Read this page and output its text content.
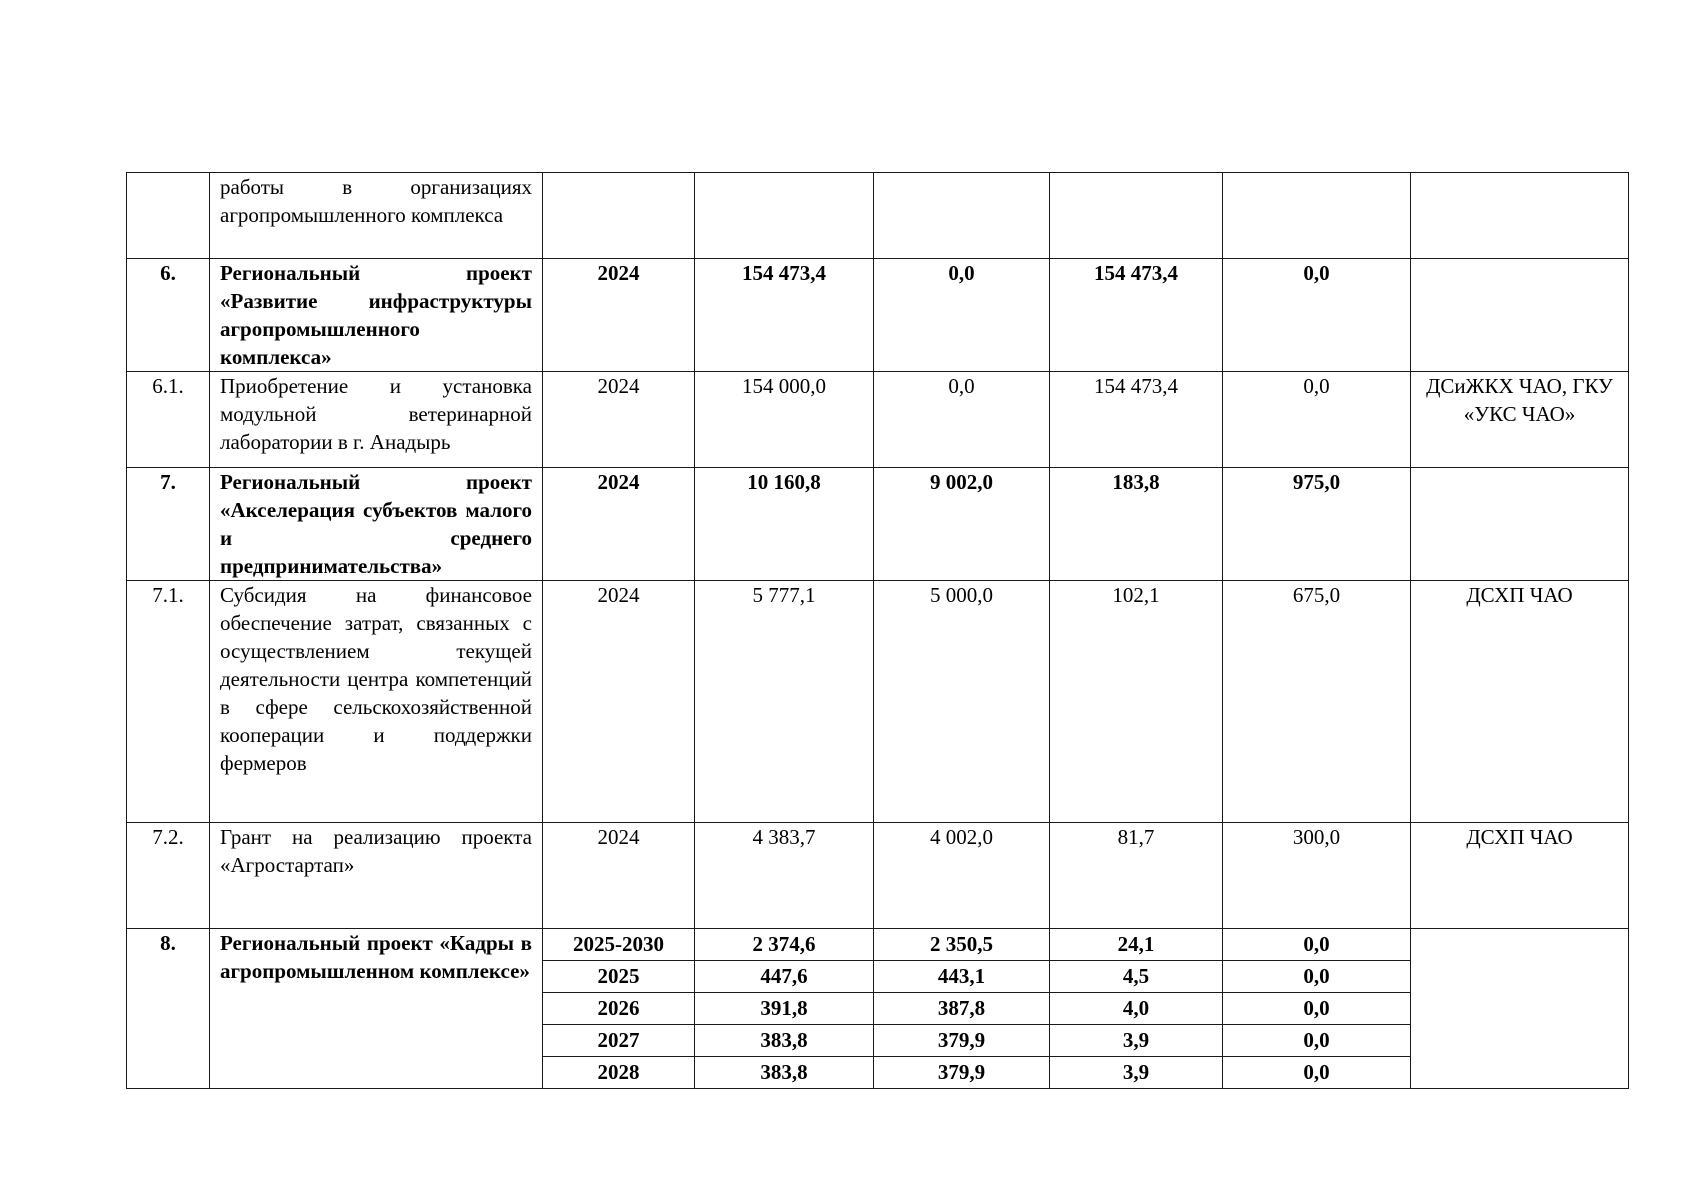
	работы в организациях агропромышленного комплекса						
6.	Региональный проект «Развитие инфраструктуры агропромышленного комплекса»	2024	154 473,4	0,0	154 473,4	0,0	
6.1.	Приобретение и установка модульной ветеринарной лаборатории в г. Анадырь	2024	154 000,0	0,0	154 473,4	0,0	ДСиЖКХ ЧАО, ГКУ «УКС ЧАО»
7.	Региональный проект «Акселерация субъектов малого и среднего предпринимательства»	2024	10 160,8	9 002,0	183,8	975,0	
7.1.	Субсидия на финансовое обеспечение затрат, связанных с осуществлением текущей деятельности центра компетенций в сфере сельскохозяйственной кооперации и поддержки фермеров	2024	5 777,1	5 000,0	102,1	675,0	ДСХП ЧАО
7.2.	Грант на реализацию проекта «Агростартап»	2024	4 383,7	4 002,0	81,7	300,0	ДСХП ЧАО
8.	Региональный проект «Кадры в агропромышленном комплексе»	2025-2030	2 374,6	2 350,5	24,1	0,0	
		2025	447,6	443,1	4,5	0,0	
		2026	391,8	387,8	4,0	0,0	
		2027	383,8	379,9	3,9	0,0	
		2028	383,8	379,9	3,9	0,0	
